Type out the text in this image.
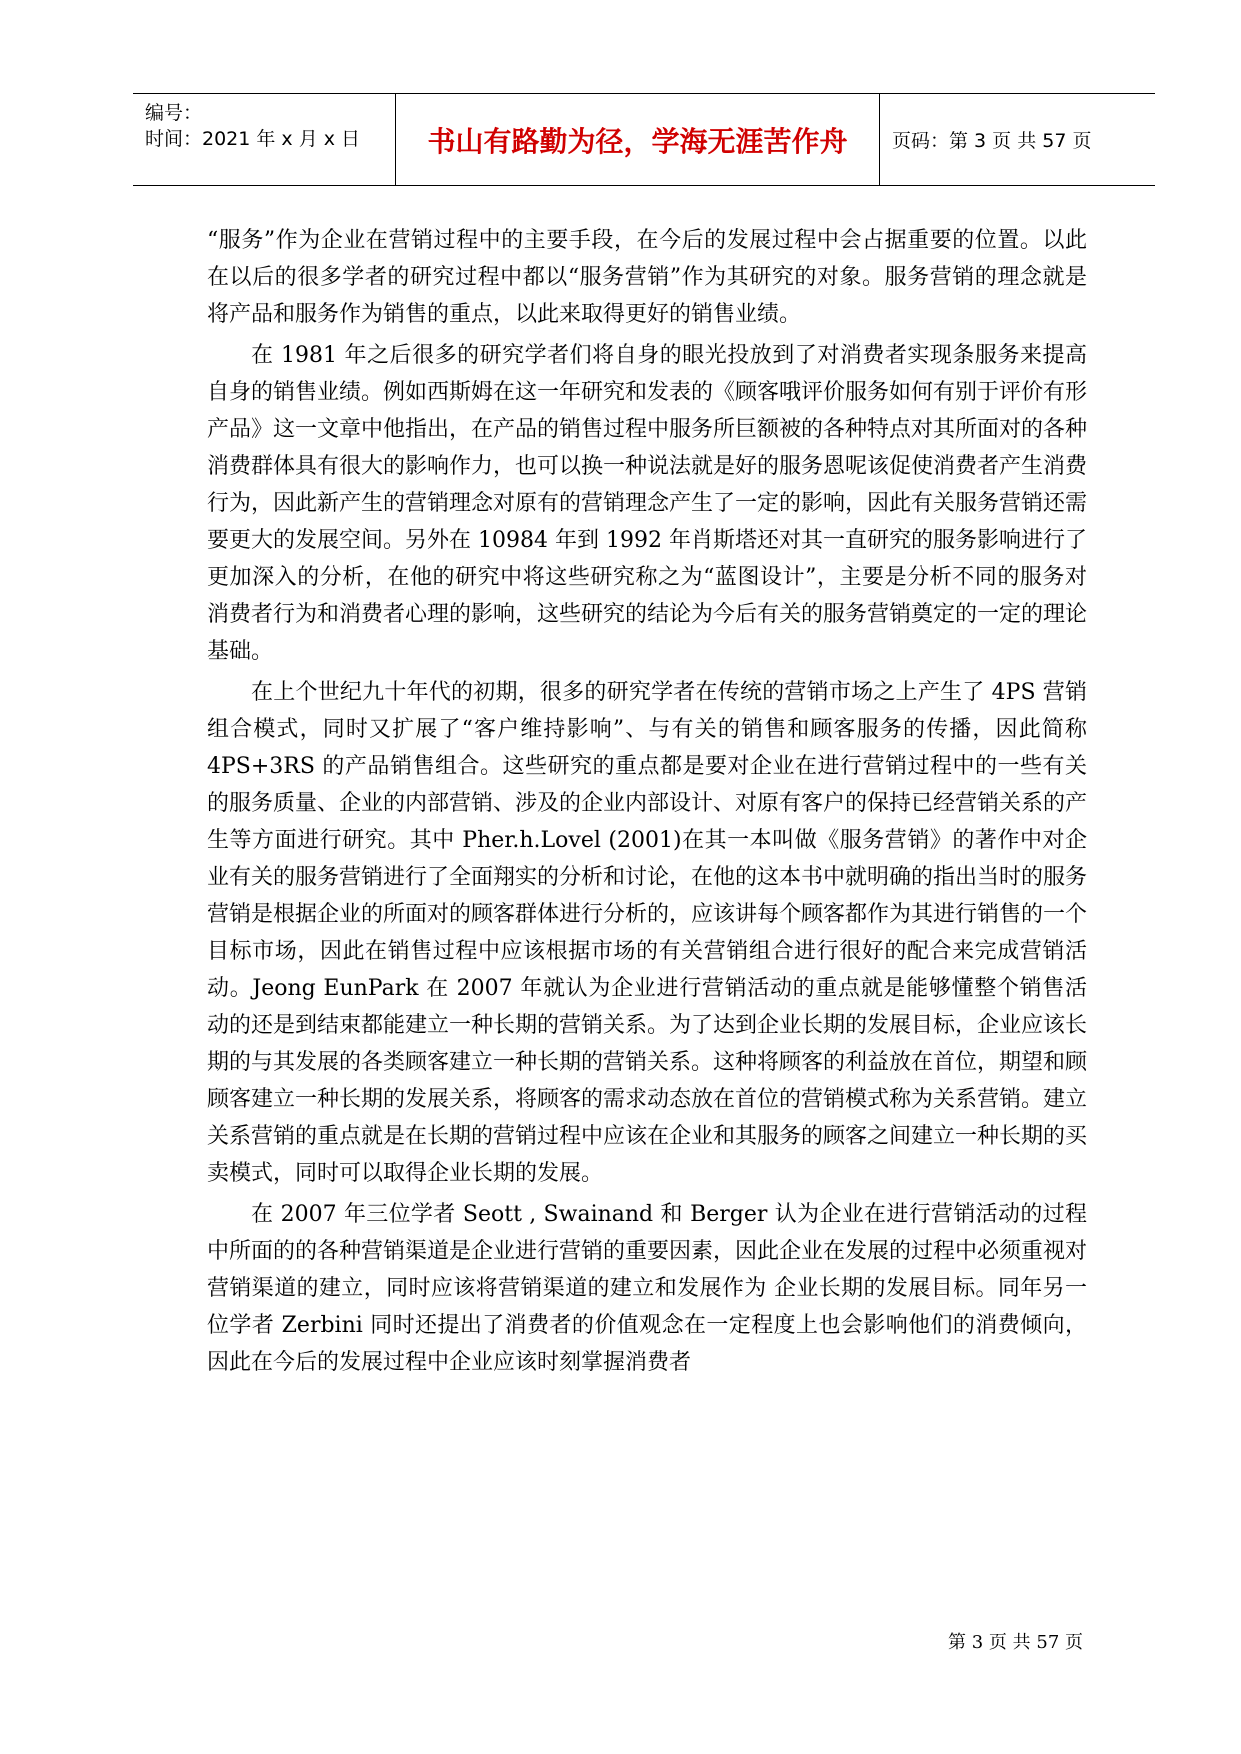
编号：
时间：2021 年 x 月 x 日	书山有路勤为径，学海无涯苦作舟	页码：第 3 页 共 57 页

“服务”作为企业在营销过程中的主要手段，在今后的发展过程中会占据重要的位置。以此在以后的很多学者的研究过程中都以“服务营销”作为其研究的对象。服务营销的理念就是将产品和服务作为销售的重点，以此来取得更好的销售业绩。

在 1981 年之后很多的研究学者们将自身的眼光投放到了对消费者实现条服务来提高自身的销售业绩。例如西斯姆在这一年研究和发表的《顾客哦评价服务如何有别于评价有形产品》这一文章中他指出，在产品的销售过程中服务所巨额被的各种特点对其所面对的各种消费群体具有很大的影响作力，也可以换一种说法就是好的服务恩呢该促使消费者产生消费行为，因此新产生的营销理念对原有的营销理念产生了一定的影响，因此有关服务营销还需要更大的发展空间。另外在 10984 年到 1992 年肖斯塔还对其一直研究的服务影响进行了更加深入的分析，在他的研究中将这些研究称之为“蓝图设计”，主要是分析不同的服务对消费者行为和消费者心理的影响，这些研究的结论为今后有关的服务营销奠定的一定的理论基础。

在上个世纪九十年代的初期，很多的研究学者在传统的营销市场之上产生了 4PS 营销组合模式，同时又扩展了“客户维持影响”、与有关的销售和顾客服务的传播，因此简称 4PS+3RS 的产品销售组合。这些研究的重点都是要对企业在进行营销过程中的一些有关的服务质量、企业的内部营销、涉及的企业内部设计、对原有客户的保持已经营销关系的产生等方面进行研究。其中 Pher.h.Lovel (2001)在其一本叫做《服务营销》的著作中对企业有关的服务营销进行了全面翔实的分析和讨论，在他的这本书中就明确的指出当时的服务营销是根据企业的所面对的顾客群体进行分析的，应该讲每个顾客都作为其进行销售的一个目标市场，因此在销售过程中应该根据市场的有关营销组合进行很好的配合来完成营销活动。Jeong EunPark 在 2007 年就认为企业进行营销活动的重点就是能够懂整个销售活动的还是到结束都能建立一种长期的营销关系。为了达到企业长期的发展目标，企业应该长期的与其发展的各类顾客建立一种长期的营销关系。这种将顾客的利益放在首位，期望和顾顾客建立一种长期的发展关系，将顾客的需求动态放在首位的营销模式称为关系营销。建立关系营销的重点就是在长期的营销过程中应该在企业和其服务的顾客之间建立一种长期的买卖模式，同时可以取得企业长期的发展。

在 2007 年三位学者 Seott , Swainand 和 Berger 认为企业在进行营销活动的过程中所面的的各种营销渠道是企业进行营销的重要因素，因此企业在发展的过程中必须重视对营销渠道的建立，同时应该将营销渠道的建立和发展作为 企业长期的发展目标。同年另一位学者 Zerbini 同时还提出了消费者的价值观念在一定程度上也会影响他们的消费倾向，因此在今后的发展过程中企业应该时刻掌握消费者

第 3 页 共 57 页
